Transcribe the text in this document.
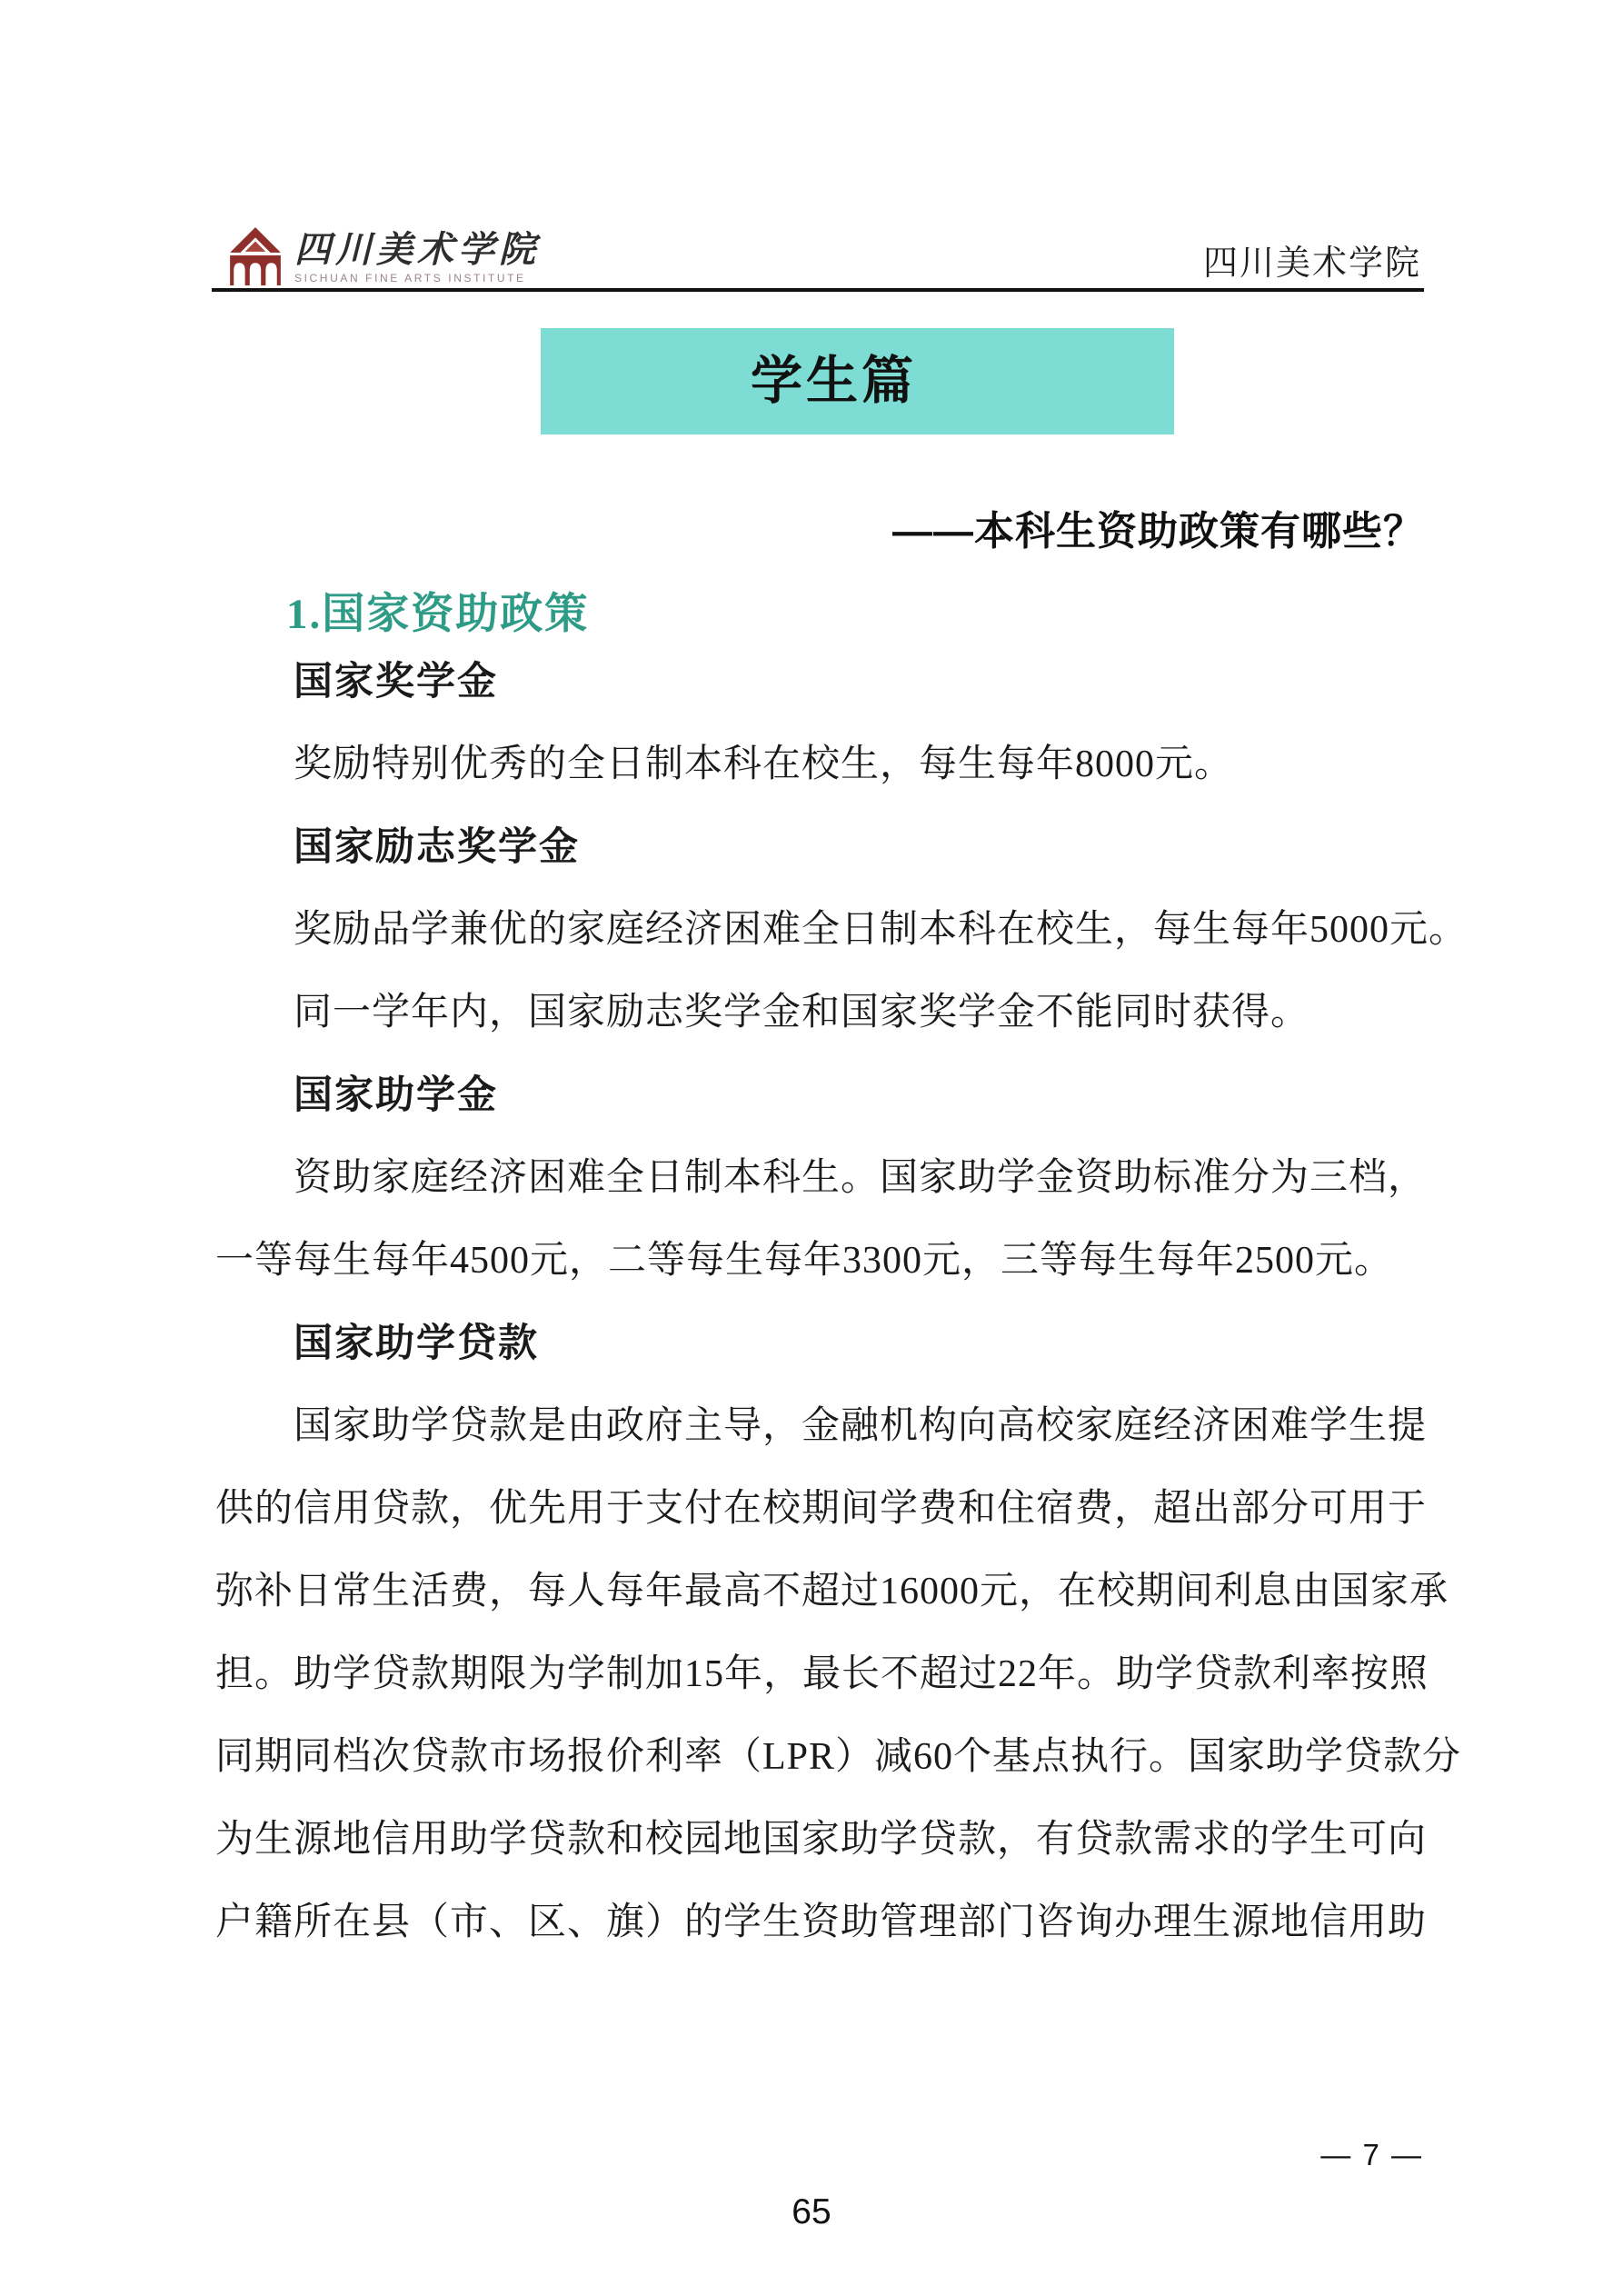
四川美术学院
SICHUAN FINE ARTS INSTITUTE	四川美术学院
学生篇
——本科生资助政策有哪些？
1.国家资助政策
国家奖学金
奖励特别优秀的全日制本科在校生，每生每年8000元。
国家励志奖学金
奖励品学兼优的家庭经济困难全日制本科在校生，每生每年5000元。
同一学年内，国家励志奖学金和国家奖学金不能同时获得。
国家助学金
资助家庭经济困难全日制本科生。国家助学金资助标准分为三档，
一等每生每年4500元，二等每生每年3300元，三等每生每年2500元。
国家助学贷款
国家助学贷款是由政府主导，金融机构向高校家庭经济困难学生提
供的信用贷款，优先用于支付在校期间学费和住宿费，超出部分可用于
弥补日常生活费，每人每年最高不超过16000元，在校期间利息由国家承
担。助学贷款期限为学制加15年，最长不超过22年。助学贷款利率按照
同期同档次贷款市场报价利率（LPR）减60个基点执行。国家助学贷款分
为生源地信用助学贷款和校园地国家助学贷款，有贷款需求的学生可向
户籍所在县（市、区、旗）的学生资助管理部门咨询办理生源地信用助
— 7 —
65
